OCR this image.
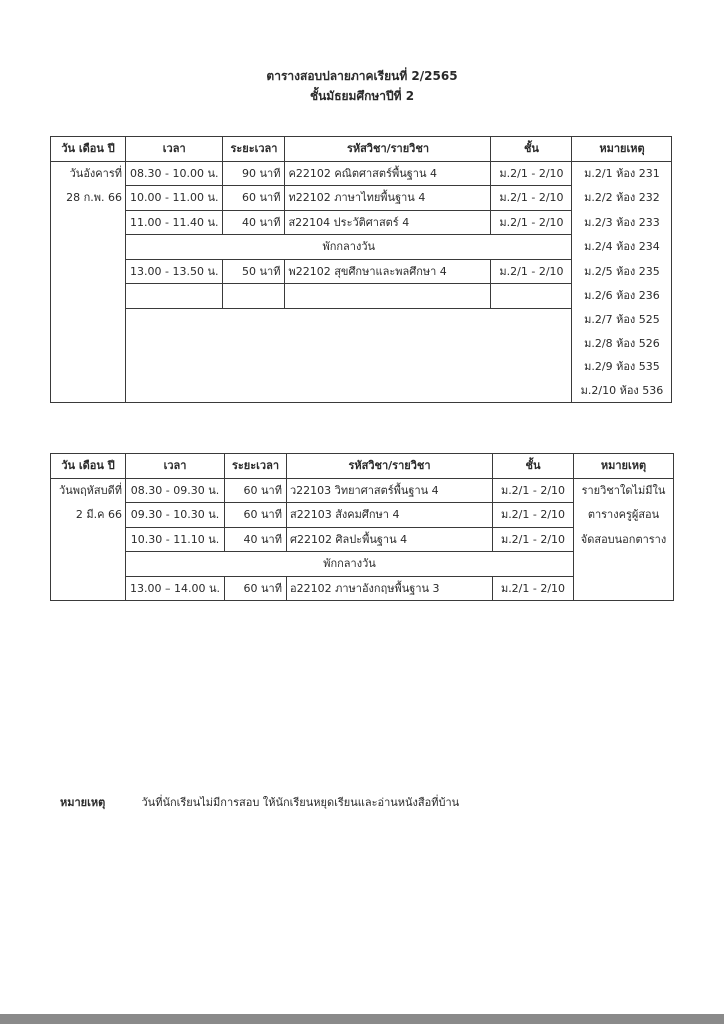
ตารางสอบปลายภาคเรียนที่ 2/2565
ชั้นมัธยมศึกษาปีที่ 2
วัน เดือน ปี	เวลา	ระยะเวลา	รหัสวิชา/รายวิชา	ชั้น	หมายเหตุ
วันอังคารที่	08.30 - 10.00 น.	90 นาที	ค22102 คณิตศาสตร์พื้นฐาน 4	ม.2/1 - 2/10	ม.2/1 ห้อง 231
28 ก.พ. 66	10.00 - 11.00 น.	60 นาที	ท22102 ภาษาไทยพื้นฐาน 4	ม.2/1 - 2/10	ม.2/2 ห้อง 232
	11.00 - 11.40 น.	40 นาที	ส22104 ประวัติศาสตร์ 4	ม.2/1 - 2/10	ม.2/3 ห้อง 233
	พักกลางวัน				ม.2/4 ห้อง 234
	13.00 - 13.50 น.	50 นาที	พ22102 สุขศึกษาและพลศึกษา 4	ม.2/1 - 2/10	ม.2/5 ห้อง 235
					ม.2/6 ห้อง 236
					ม.2/7 ห้อง 525
					ม.2/8 ห้อง 526
					ม.2/9 ห้อง 535
					ม.2/10 ห้อง 536
วัน เดือน ปี	เวลา	ระยะเวลา	รหัสวิชา/รายวิชา	ชั้น	หมายเหตุ
วันพฤหัสบดีที่	08.30 - 09.30 น.	60 นาที	ว22103 วิทยาศาสตร์พื้นฐาน 4	ม.2/1 - 2/10	รายวิชาใดไม่มีใน
2 มี.ค 66	09.30 - 10.30 น.	60 นาที	ส22103 สังคมศึกษา 4	ม.2/1 - 2/10	ตารางครูผู้สอน
	10.30 - 11.10 น.	40 นาที	ศ22102 ศิลปะพื้นฐาน 4	ม.2/1 - 2/10	จัดสอบนอกตาราง
	พักกลางวัน				
	13.00 – 14.00 น.	60 นาที	อ22102 ภาษาอังกฤษพื้นฐาน 3	ม.2/1 - 2/10	
หมายเหตุ	วันที่นักเรียนไม่มีการสอบ ให้นักเรียนหยุดเรียนและอ่านหนังสือที่บ้าน
